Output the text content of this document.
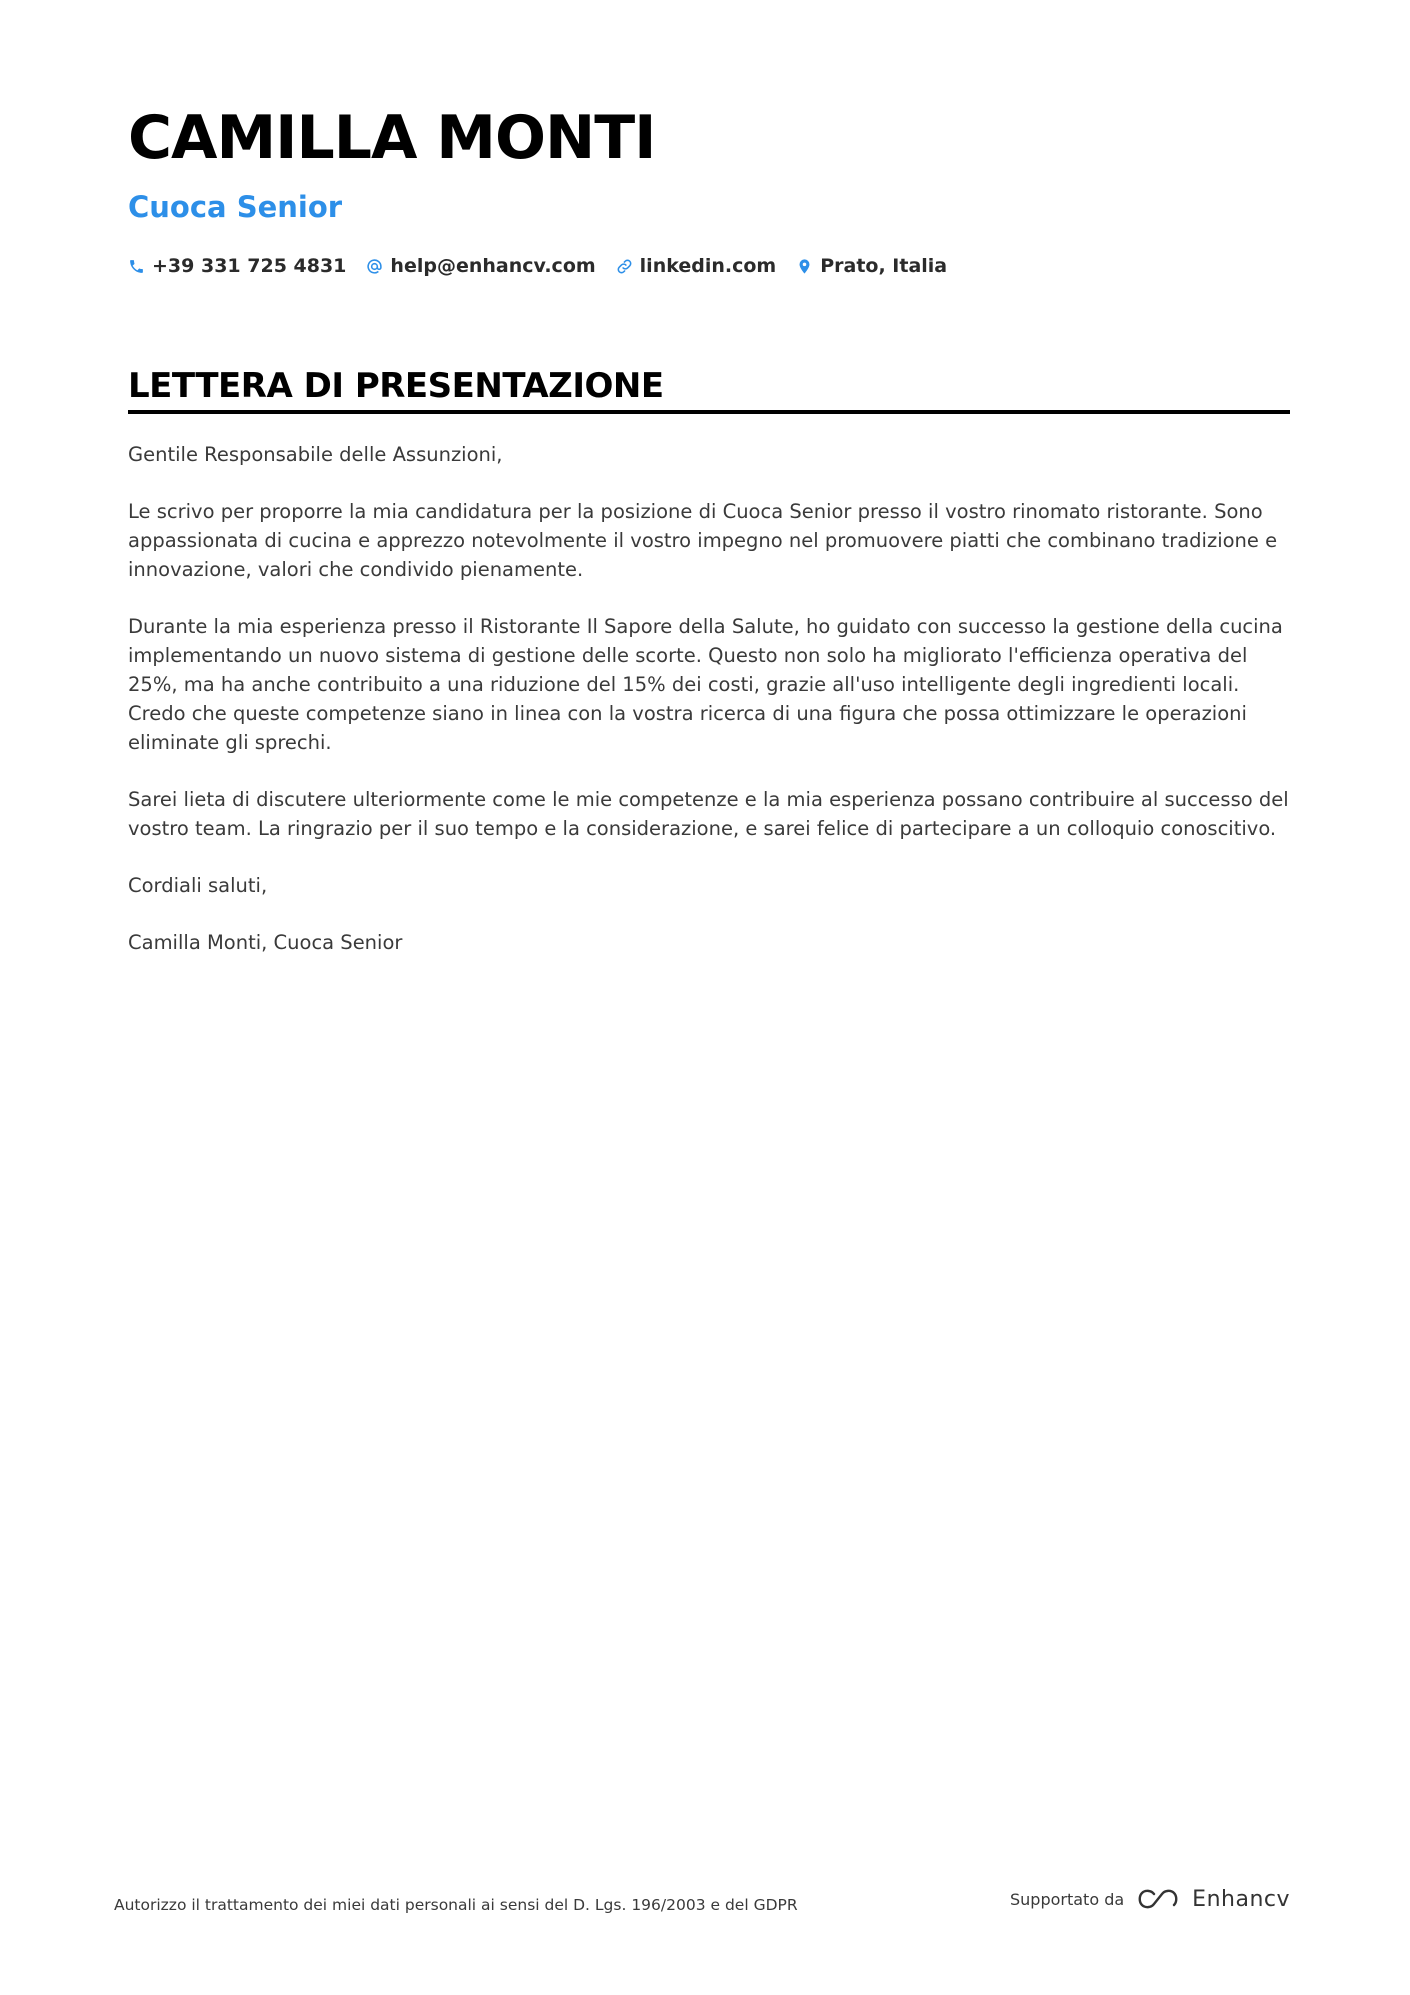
CAMILLA MONTI
Cuoca Senior
+39 331 725 4831 help@enhancv.com linkedin.com Prato, Italia
LETTERA DI PRESENTAZIONE

Gentile Responsabile delle Assunzioni,

Le scrivo per proporre la mia candidatura per la posizione di Cuoca Senior presso il vostro rinomato ristorante. Sono appassionata di cucina e apprezzo notevolmente il vostro impegno nel promuovere piatti che combinano tradizione e innovazione, valori che condivido pienamente.

Durante la mia esperienza presso il Ristorante Il Sapore della Salute, ho guidato con successo la gestione della cucina implementando un nuovo sistema di gestione delle scorte. Questo non solo ha migliorato l'efficienza operativa del 25%, ma ha anche contribuito a una riduzione del 15% dei costi, grazie all'uso intelligente degli ingredienti locali. Credo che queste competenze siano in linea con la vostra ricerca di una figura che possa ottimizzare le operazioni eliminate gli sprechi.

Sarei lieta di discutere ulteriormente come le mie competenze e la mia esperienza possano contribuire al successo del vostro team. La ringrazio per il suo tempo e la considerazione, e sarei felice di partecipare a un colloquio conoscitivo.

Cordiali saluti,

Camilla Monti, Cuoca Senior

Autorizzo il trattamento dei miei dati personali ai sensi del D. Lgs. 196/2003 e del GDPR	Supportato da	Enhancv
